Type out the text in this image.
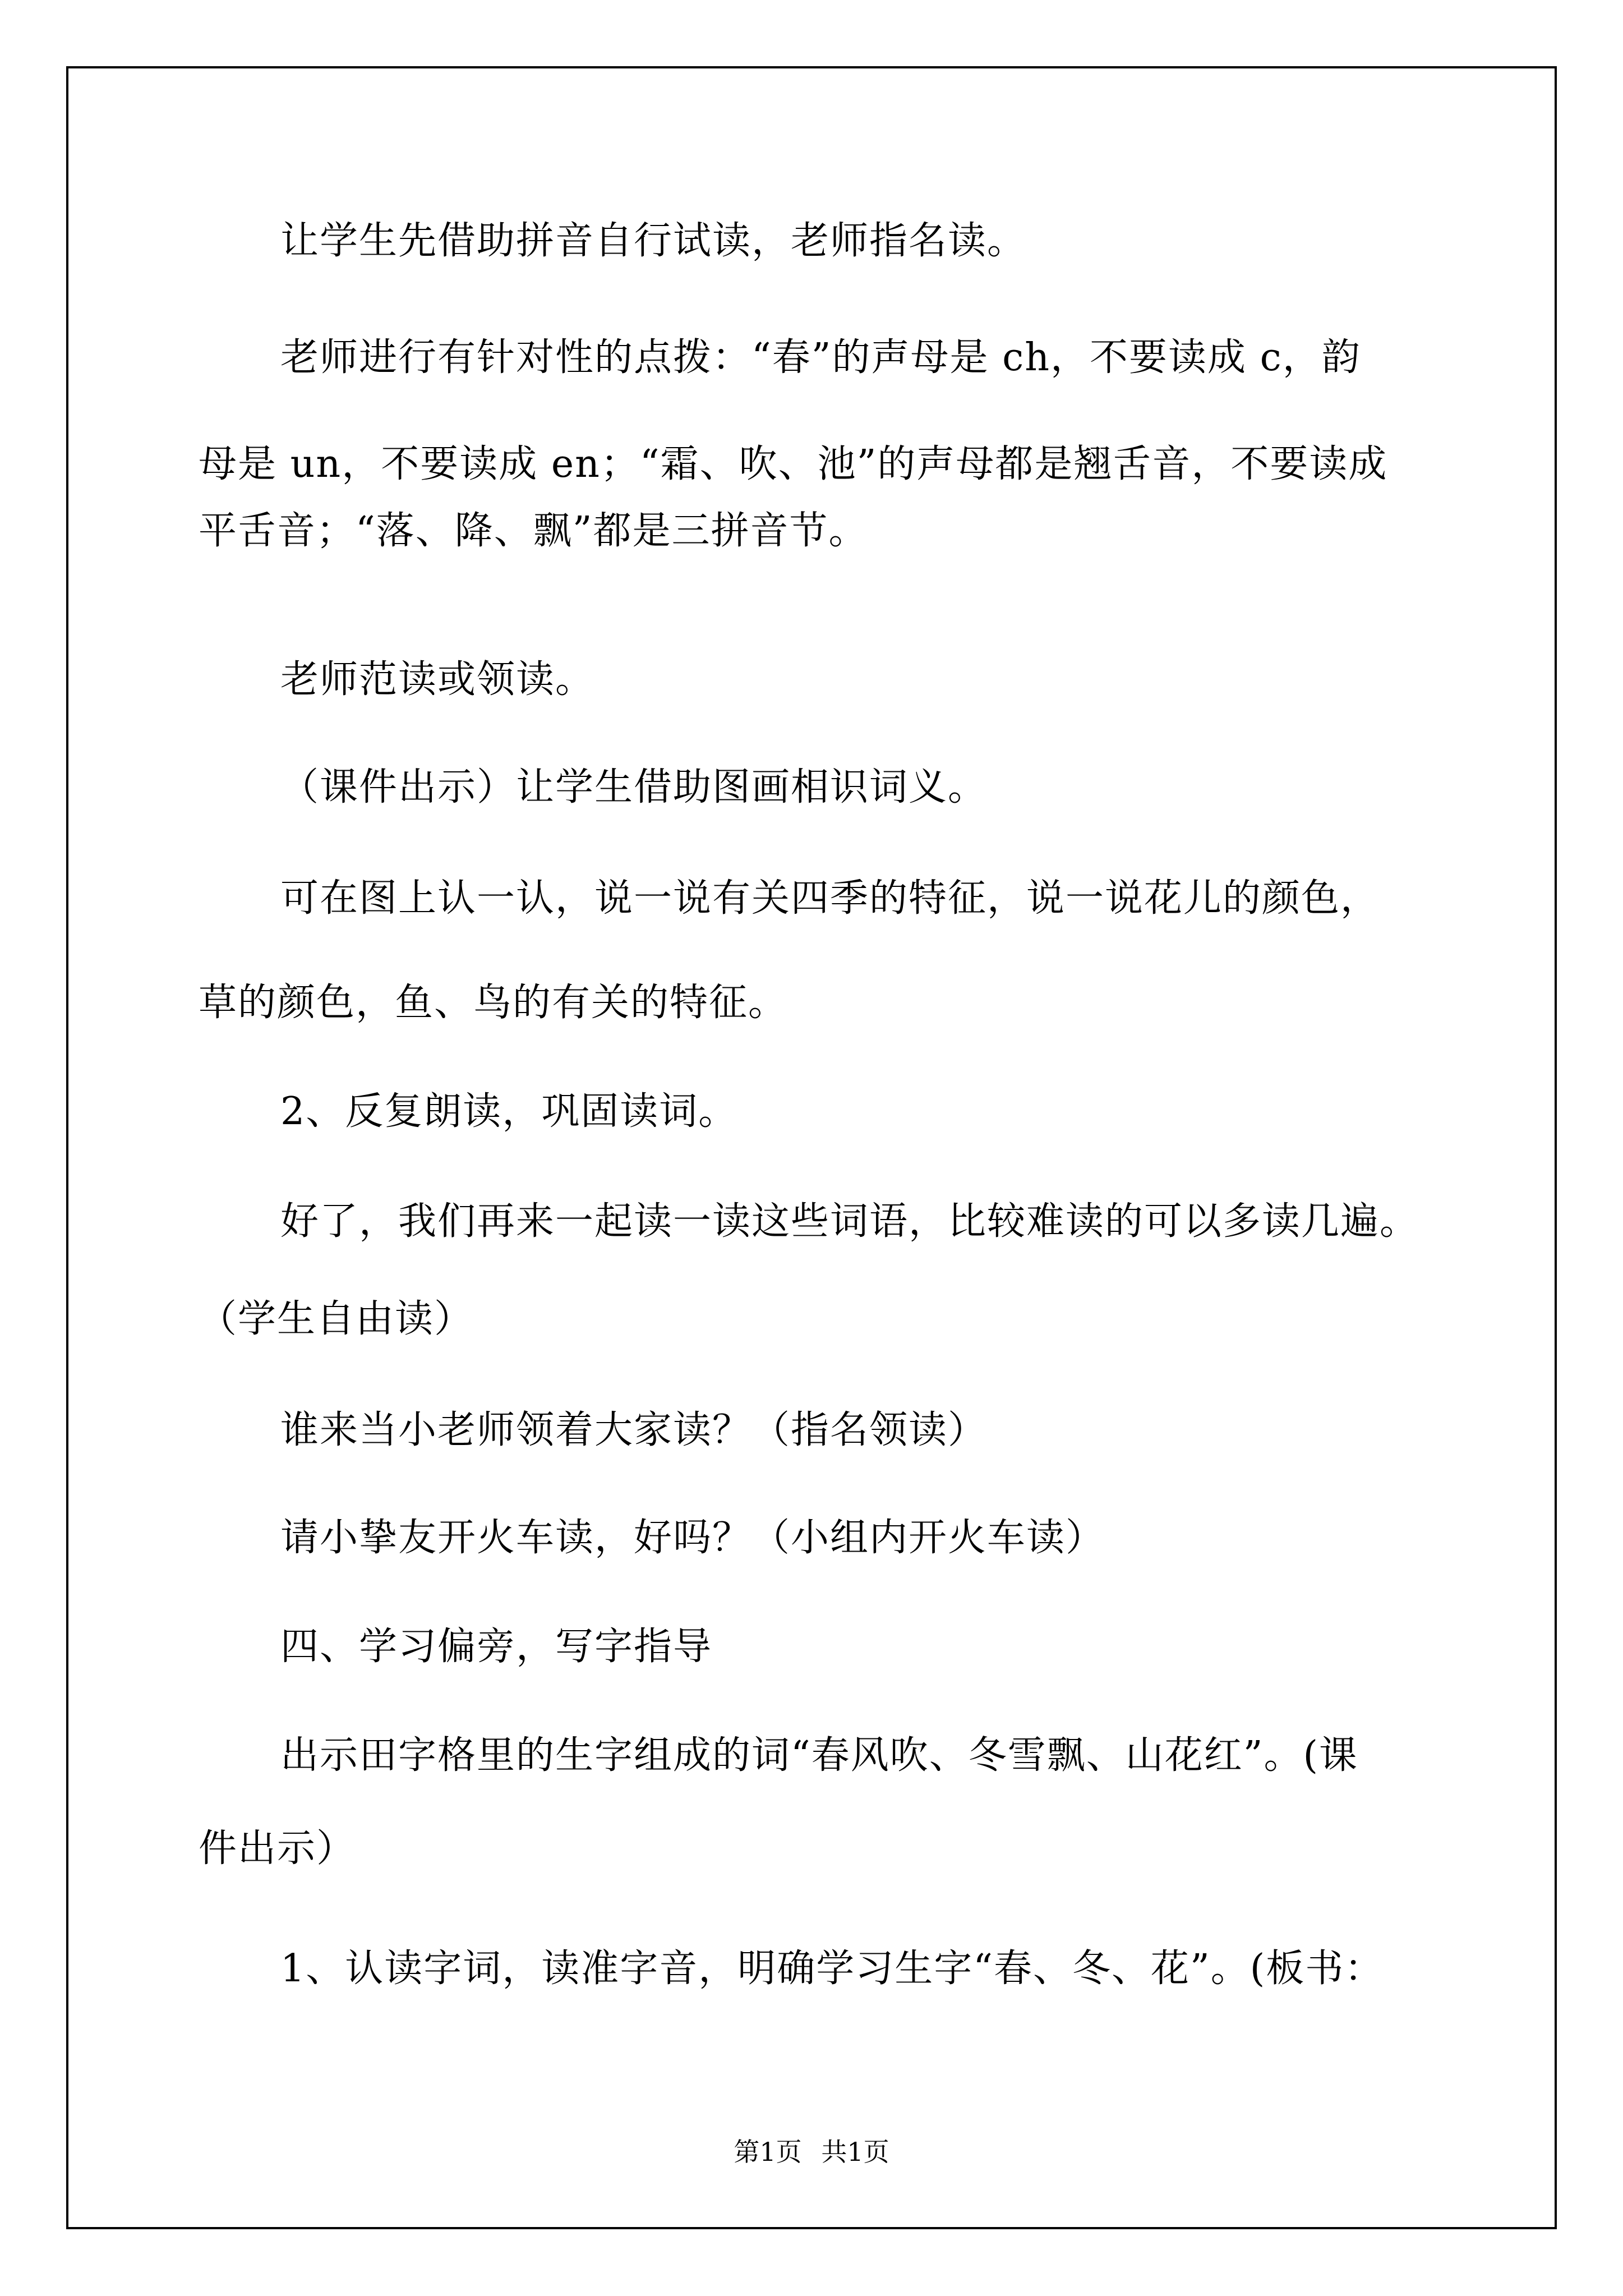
让学生先借助拼音自行试读，老师指名读。
老师进行有针对性的点拨：“春”的声母是 ch，不要读成 c，韵
母是 un，不要读成 en；“霜、吹、池”的声母都是翘舌音，不要读成
平舌音；“落、降、飘”都是三拼音节。
老师范读或领读。
（课件出示）让学生借助图画相识词义。
可在图上认一认，说一说有关四季的特征，说一说花儿的颜色，
草的颜色，鱼、鸟的有关的特征。
2、反复朗读，巩固读词。
好了，我们再来一起读一读这些词语，比较难读的可以多读几遍。
（学生自由读）
谁来当小老师领着大家读？（指名领读）
请小挚友开火车读，好吗？（小组内开火车读）
四、学习偏旁，写字指导
出示田字格里的生字组成的词“春风吹、冬雪飘、山花红”。(课
件出示）
1、认读字词，读准字音，明确学习生字“春、冬、花”。(板书：
第1页 共1页
